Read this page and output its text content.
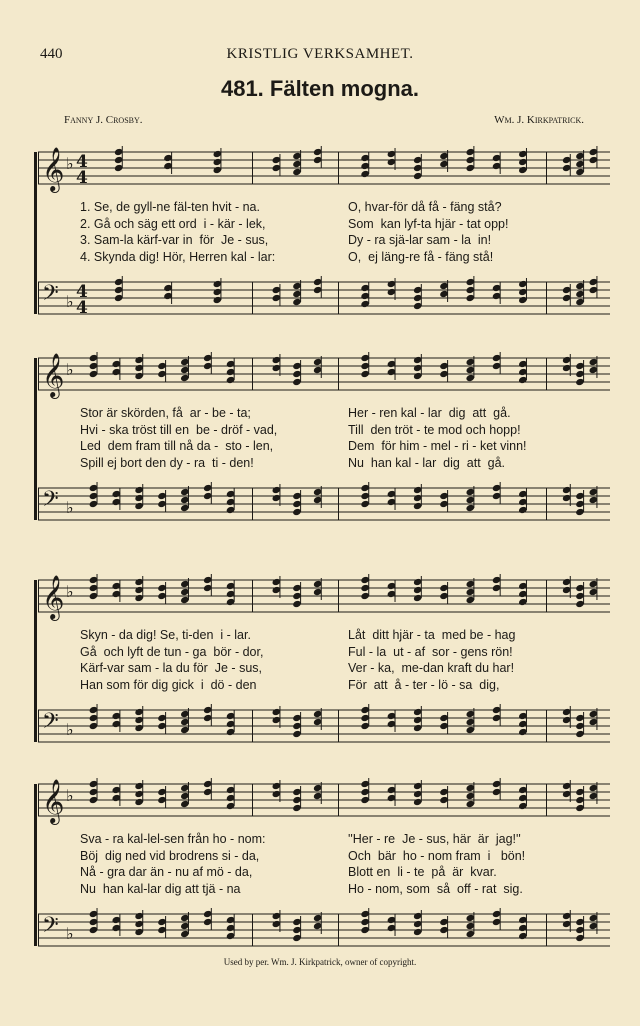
440	KRISTLIG VERKSAMHET.
481. Fälten mogna.
Fanny J. Crosby.	Wm. J. Kirkpatrick.
𝄞 ♭ 4
4
1. Se, de gyll-ne fäl-ten hvit - na.	O, hvar-för då få - fäng stå?
2. Gå och säg ett ord  i - kär - lek,	Som  kan lyf-ta hjär - tat opp!
3. Sam-la kärf-var in  för  Je - sus,	Dy - ra sjä-lar sam - la  in!
4. Skynda dig! Hör, Herren kal - lar:	O,  ej läng-re få - fäng stå!
𝄢 ♭ 4
4
𝄞 ♭
Stor är skörden, få  ar - be - ta;	Her - ren kal - lar  dig  att  gå.
Hvi - ska tröst till en  be - dröf - vad,	Till  den tröt - te mod och hopp!
Led  dem fram till nå da -  sto - len,	Dem  för him - mel - ri - ket vinn!
Spill ej bort den dy - ra  ti - den!	Nu  han kal - lar  dig  att  gå.
𝄢 ♭
𝄞 ♭
Skyn - da dig! Se, ti-den  i - lar.	Låt  ditt hjär - ta  med be - hag
Gå  och lyft de tun - ga  bör - dor,	Ful - la  ut - af  sor - gens rön!
Kärf-var sam - la du för  Je - sus,	Ver - ka,  me-dan kraft du har!
Han som för dig gick  i  dö - den	För  att  å - ter - lö - sa  dig,
𝄢 ♭
𝄞 ♭
Sva - ra kal-lel-sen från ho - nom:	''Her - re  Je - sus, här  är  jag!''
Böj  dig ned vid brodrens si - da,	Och  bär  ho - nom fram  i   bön!
Nå - gra dar än - nu af mö - da,	Blott en  li - te  på  är  kvar.
Nu  han kal-lar dig att tjä - na	Ho - nom, som  så  off - rat  sig.
𝄢 ♭
Used by per. Wm. J. Kirkpatrick, owner of copyright.
